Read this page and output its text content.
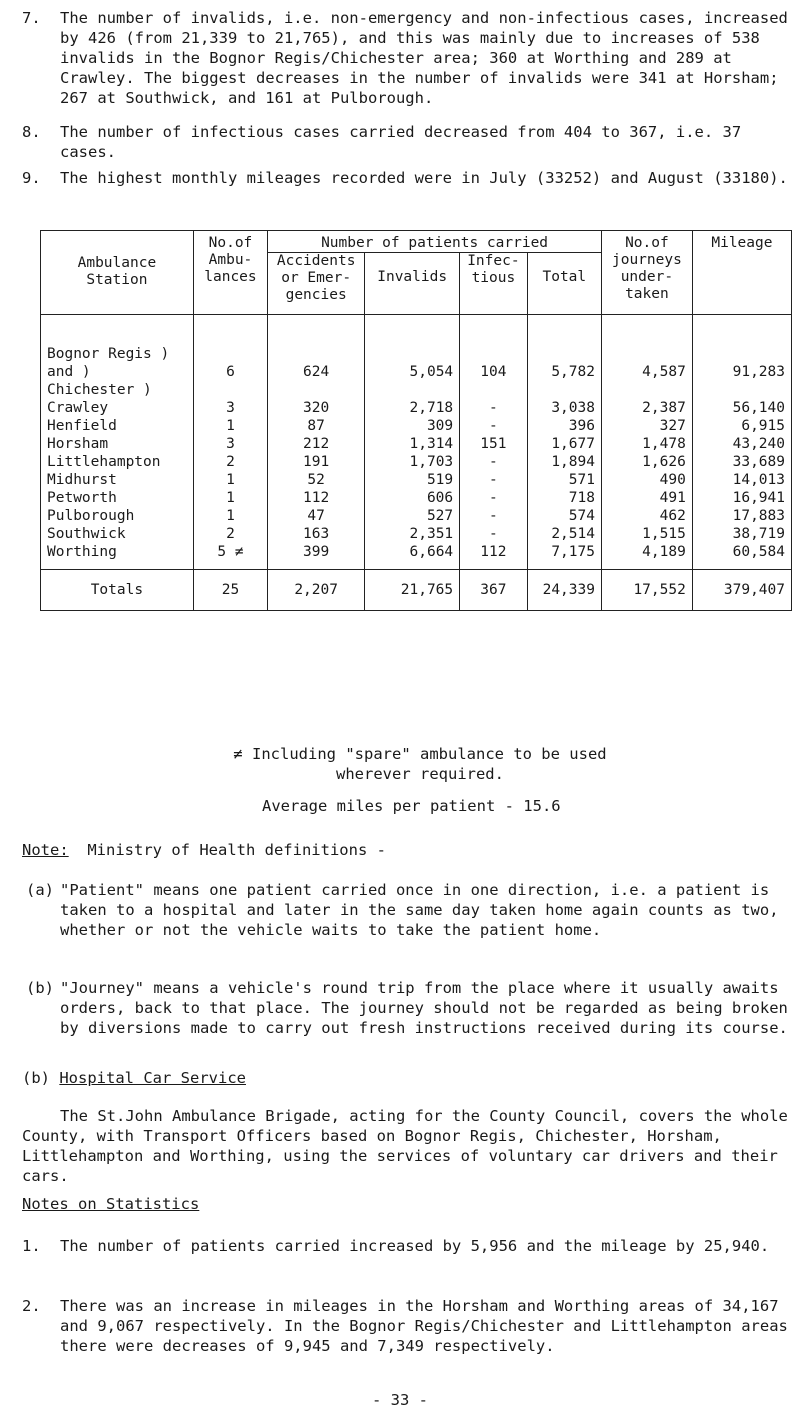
7.	The number of invalids, i.e. non-emergency and non-infectious cases, increased by 426 (from 21,339 to 21,765), and this was mainly due to increases of 538 invalids in the Bognor Regis/Chichester area; 360 at Worthing and 289 at Crawley. The biggest decreases in the number of invalids were 341 at Horsham; 267 at Southwick, and 161 at Pulborough.
8.	The number of infectious cases carried decreased from 404 to 367, i.e. 37 cases.
9.	The highest monthly mileages recorded were in July (33252) and August (33180).
Ambulance Station	No.of Ambu- lances	Number of patients carried				No.of journeys under- taken	Mileage
		Accidents or Emer- gencies	Invalids	Infec- tious	Total		

Bognor Regis )
and )
Chichester )	6	624	5,054	104	5,782	4,587	91,283
Crawley	3	320	2,718	-	3,038	2,387	56,140
Henfield	1	87	309	-	396	327	6,915
Horsham	3	212	1,314	151	1,677	1,478	43,240
Littlehampton	2	191	1,703	-	1,894	1,626	33,689
Midhurst	1	52	519	-	571	490	14,013
Petworth	1	112	606	-	718	491	16,941
Pulborough	1	47	527	-	574	462	17,883
Southwick	2	163	2,351	-	2,514	1,515	38,719
Worthing	5 ≠	399	6,664	112	7,175	4,189	60,584
Totals	25	2,207	21,765	367	24,339	17,552	379,407
≠ Including "spare" ambulance to be used wherever required.
Average miles per patient - 15.6
Note: Ministry of Health definitions -
(a) "Patient" means one patient carried once in one direction, i.e. a patient is taken to a hospital and later in the same day taken home again counts as two, whether or not the vehicle waits to take the patient home.
(b) "Journey" means a vehicle's round trip from the place where it usually awaits orders, back to that place. The journey should not be regarded as being broken by diversions made to carry out fresh instructions received during its course.
(b) Hospital Car Service
The St.John Ambulance Brigade, acting for the County Council, covers the whole County, with Transport Officers based on Bognor Regis, Chichester, Horsham, Littlehampton and Worthing, using the services of voluntary car drivers and their cars.
Notes on Statistics
1.	The number of patients carried increased by 5,956 and the mileage by 25,940.
2.	There was an increase in mileages in the Horsham and Worthing areas of 34,167 and 9,067 respectively. In the Bognor Regis/Chichester and Littlehampton areas there were decreases of 9,945 and 7,349 respectively.
- 33 -
